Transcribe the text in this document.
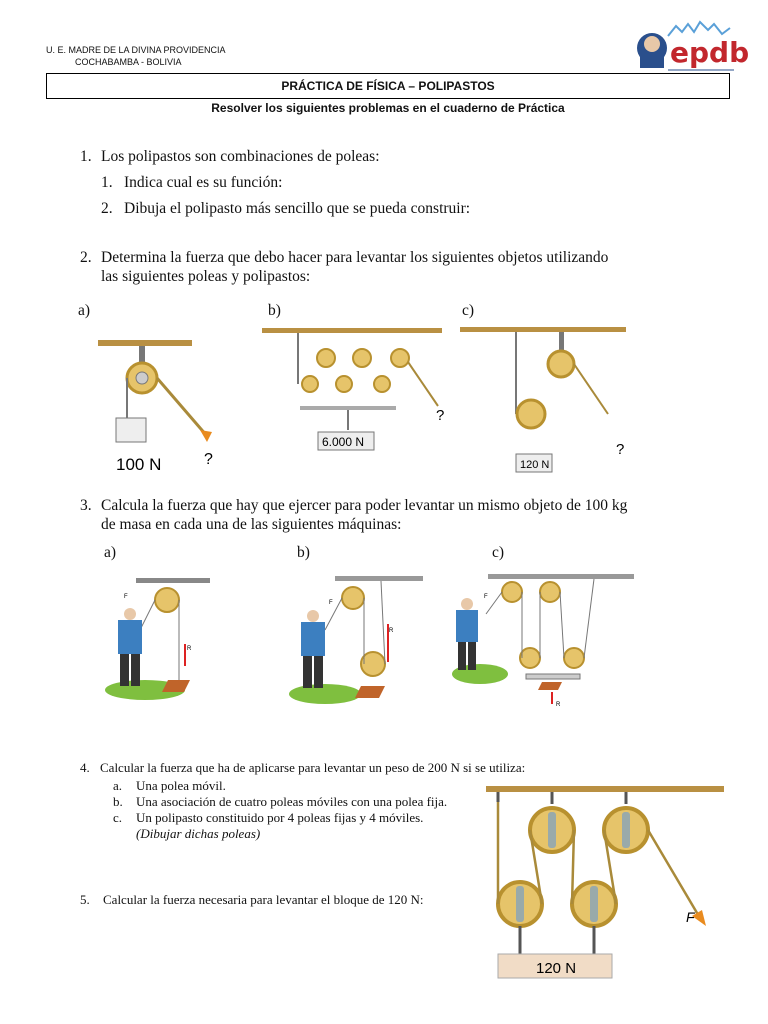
U. E. MADRE DE LA DIVINA PROVIDENCIA
COCHABAMBA - BOLIVIA	epdb
PRÁCTICA DE FÍSICA – POLIPASTOS
Resolver los siguientes problemas en el cuaderno de Práctica
1. Los polipastos son combinaciones de poleas:
1. Indica cual es su función:
2. Dibuja el polipasto más sencillo que se pueda construir:
2. Determina la fuerza que debo hacer para levantar los siguientes objetos utilizando
las siguientes poleas y polipastos:
a)	b)	c)
100 N	?
6.000 N
?
120 N
?
3. Calcula la fuerza que hay que ejercer para poder levantar un mismo objeto de 100 kg
de masa en cada una de las siguientes máquinas:
a)	b)	c)
F
R
F
R
F
R
4. Calcular la fuerza que ha de aplicarse para levantar un peso de 200 N si se utiliza:
a. Una polea móvil.
b. Una asociación de cuatro poleas móviles con una polea fija.
c. Un polipasto constituido por 4 poleas fijas y 4 móviles.
(Dibujar dichas poleas)
5. Calcular la fuerza necesaria para levantar el bloque de 120 N:
120 N
F
